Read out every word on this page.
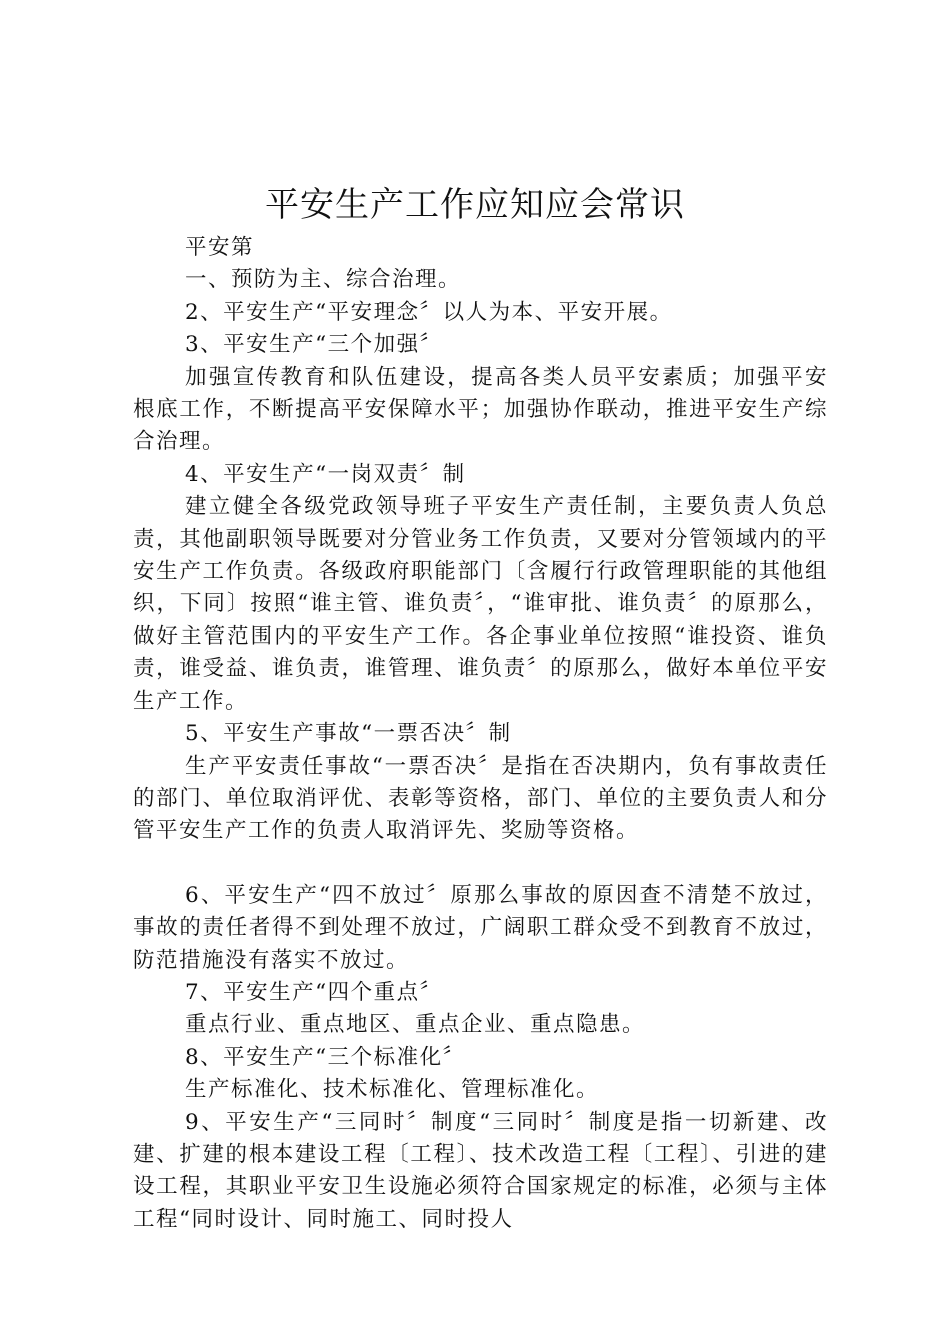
平安生产工作应知应会常识

平安第

一、预防为主、综合治理。

2、平安生产“平安理念〞以人为本、平安开展。

3、平安生产“三个加强〞

加强宣传教育和队伍建设，提高各类人员平安素质；加强平安根底工作，不断提高平安保障水平；加强协作联动，推进平安生产综合治理。

4、平安生产“一岗双责〞制

建立健全各级党政领导班子平安生产责任制，主要负责人负总责，其他副职领导既要对分管业务工作负责，又要对分管领域内的平安生产工作负责。各级政府职能部门〔含履行行政管理职能的其他组织，下同〕按照“谁主管、谁负责〞，“谁审批、谁负责〞的原那么，做好主管范围内的平安生产工作。各企事业单位按照“谁投资、谁负责，谁受益、谁负责，谁管理、谁负责〞的原那么，做好本单位平安生产工作。

5、平安生产事故“一票否决〞制

生产平安责任事故“一票否决〞是指在否决期内，负有事故责任的部门、单位取消评优、表彰等资格，部门、单位的主要负责人和分管平安生产工作的负责人取消评先、奖励等资格。

6、平安生产“四不放过〞原那么事故的原因查不清楚不放过，事故的责任者得不到处理不放过，广阔职工群众受不到教育不放过，防范措施没有落实不放过。

7、平安生产“四个重点〞

重点行业、重点地区、重点企业、重点隐患。

8、平安生产“三个标准化〞

生产标准化、技术标准化、管理标准化。

9、平安生产“三同时〞制度“三同时〞制度是指一切新建、改建、扩建的根本建设工程〔工程〕、技术改造工程〔工程〕、引进的建设工程，其职业平安卫生设施必须符合国家规定的标准，必须与主体工程“同时设计、同时施工、同时投人
